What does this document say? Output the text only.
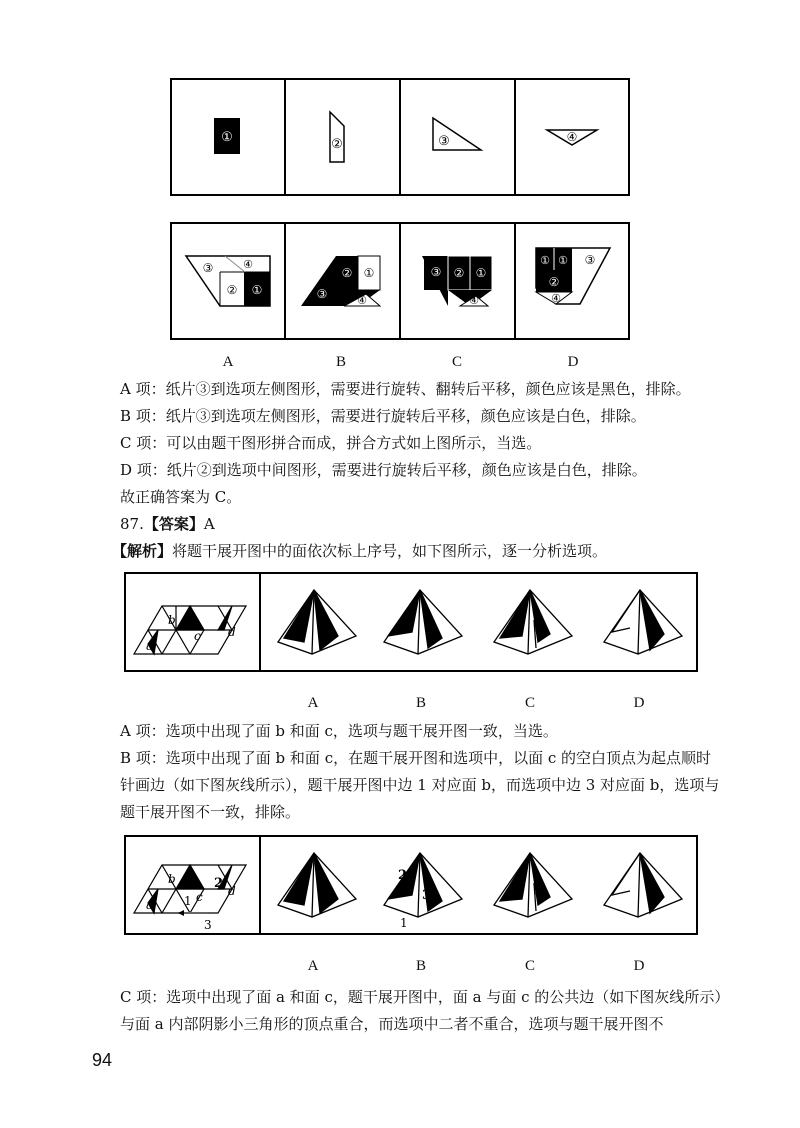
①	②	③	④
③	④
② ①	③
② ①
④
③ ② ①
④
① ① ③
②
④
A	B	C	D

A 项：纸片③到选项左侧图形，需要进行旋转、翻转后平移，颜色应该是黑色，排除。

B 项：纸片③到选项左侧图形，需要进行旋转后平移，颜色应该是白色，排除。

C 项：可以由题干图形拼合而成，拼合方式如上图所示，当选。

D 项：纸片②到选项中间图形，需要进行旋转后平移，颜色应该是白色，排除。

故正确答案为 C。

87.【答案】A

【解析】将题干展开图中的面依次标上序号，如下图所示，逐一分析选项。

a
b
c d
A	B	C	D

A 项：选项中出现了面 b 和面 c，选项与题干展开图一致，当选。

B 项：选项中出现了面 b 和面 c，在题干展开图和选项中，以面 c 的空白顶点为起点顺时针画边（如下图灰线所示），题干展开图中边 1 对应面 b，而选项中边 3 对应面 b，选项与题干展开图不一致，排除。

a
b
c d
1
2
3
2
3
1
A	B	C	D

C 项：选项中出现了面 a 和面 c，题干展开图中，面 a 与面 c 的公共边（如下图灰线所示）与面 a 内部阴影小三角形的顶点重合，而选项中二者不重合，选项与题干展开图不

94
